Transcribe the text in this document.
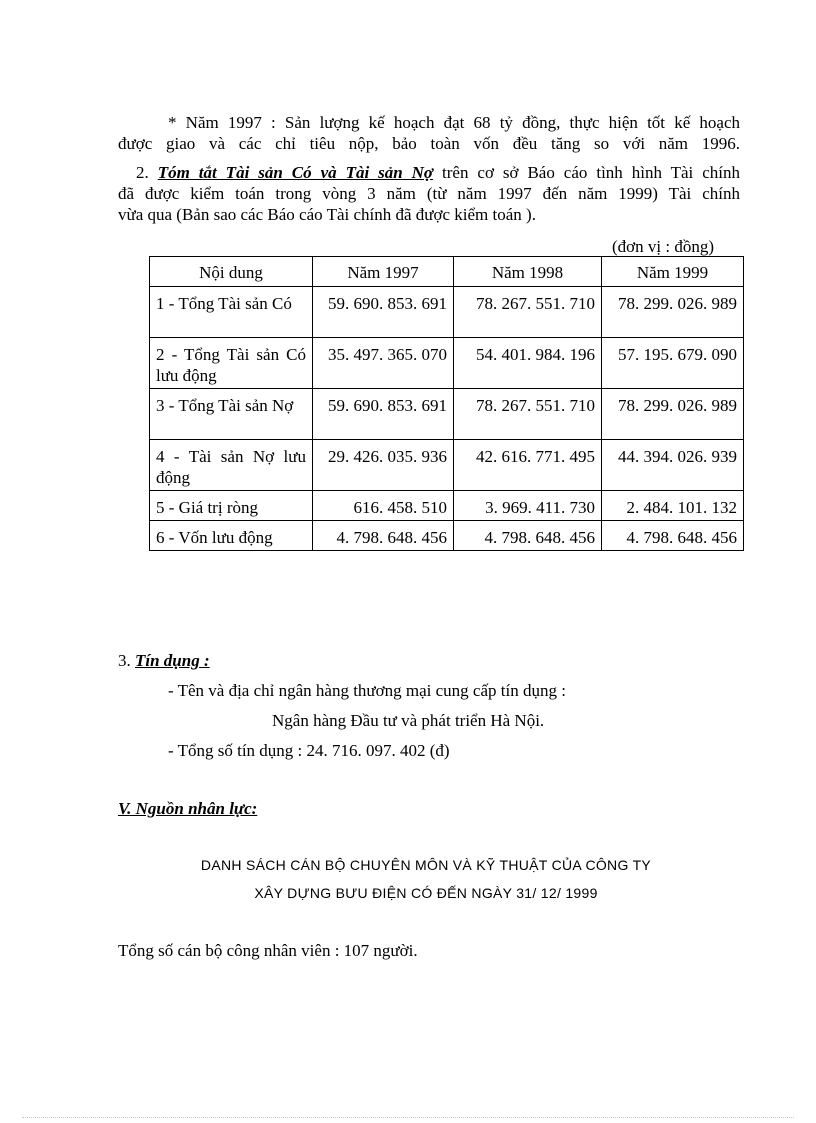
* Năm 1997 : Sản lượng kế hoạch đạt 68 tỷ đồng, thực hiện tốt kế hoạch
được giao và các chỉ tiêu nộp, bảo toàn vốn đều tăng so với năm 1996.
2. Tóm tắt Tài sản Có và Tài sản Nợ trên cơ sở Báo cáo tình hình Tài chính
đã được kiểm toán trong vòng 3 năm (từ năm 1997 đến năm 1999) Tài chính
vừa qua (Bản sao các Báo cáo Tài chính đã được kiểm toán ).
(đơn vị : đồng)
Nội dung	Năm 1997	Năm 1998	Năm 1999
1 - Tổng Tài sản Có	59. 690. 853. 691	78. 267. 551. 710	78. 299. 026. 989
2 - Tổng Tài sản Có lưu động	35. 497. 365. 070	54. 401. 984. 196	57. 195. 679. 090
3 - Tổng Tài sản Nợ	59. 690. 853. 691	78. 267. 551. 710	78. 299. 026. 989
4 - Tài sản Nợ lưu động	29. 426. 035. 936	42. 616. 771. 495	44. 394. 026. 939
5 - Giá trị ròng	616. 458. 510	3. 969. 411. 730	2. 484. 101. 132
6 - Vốn lưu động	4. 798. 648. 456	4. 798. 648. 456	4. 798. 648. 456
3. Tín dụng :
- Tên và địa chỉ ngân hàng thương mại cung cấp tín dụng :
Ngân hàng Đầu tư và phát triển Hà Nội.
- Tổng số tín dụng : 24. 716. 097. 402 (đ)
V. Nguồn nhân lực:
DANH SÁCH CÁN BỘ CHUYÊN MÔN VÀ KỸ THUẬT CỦA CÔNG TY
XÂY DỰNG BƯU ĐIỆN CÓ ĐẾN NGÀY 31/ 12/ 1999
Tổng số cán bộ công nhân viên : 107 người.
